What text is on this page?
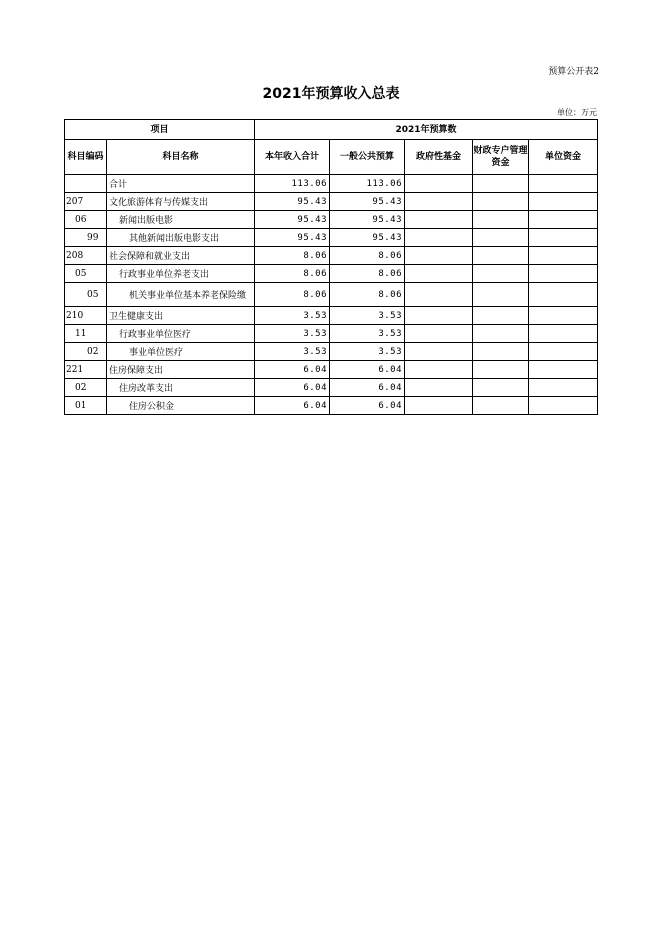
预算公开表2
2021年预算收入总表
单位：万元
项目		2021年预算数				
科目编码	科目名称	本年收入合计	一般公共预算	政府性基金	财政专户管理资金	单位资金
	合计	113.06	113.06			
207	文化旅游体育与传媒支出	95.43	95.43			
06	新闻出版电影	95.43	95.43			
99	其他新闻出版电影支出	95.43	95.43			
208	社会保障和就业支出	8.06	8.06			
05	行政事业单位养老支出	8.06	8.06			
05	机关事业单位基本养老保险缴	8.06	8.06			
210	卫生健康支出	3.53	3.53			
11	行政事业单位医疗	3.53	3.53			
02	事业单位医疗	3.53	3.53			
221	住房保障支出	6.04	6.04			
02	住房改革支出	6.04	6.04			
01	住房公积金	6.04	6.04			
